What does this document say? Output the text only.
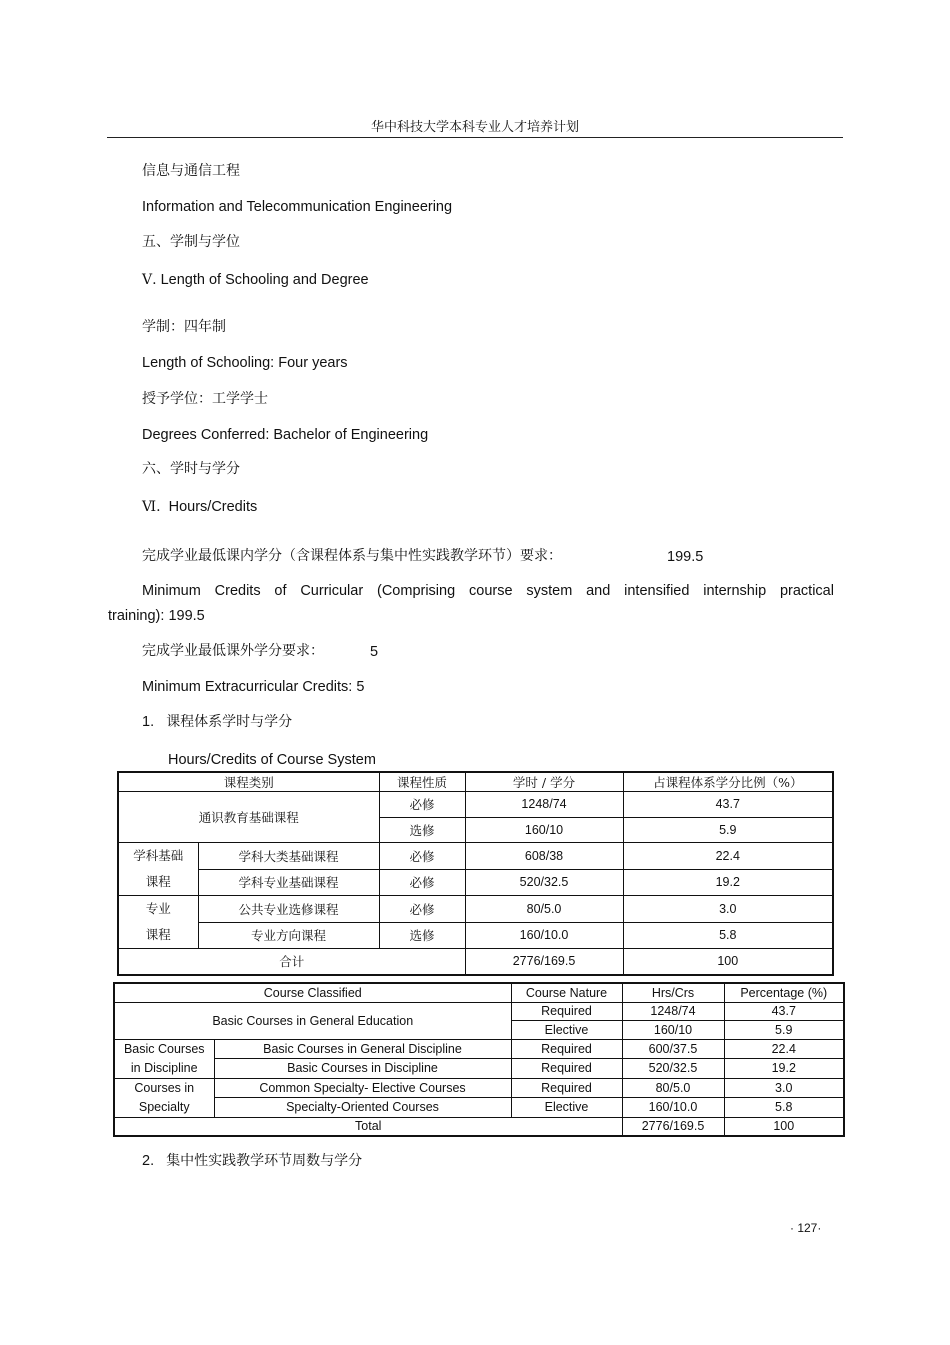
华中科技大学本科专业人才培养计划
信息与通信工程
Information and Telecommunication Engineering
五、学制与学位
Ⅴ. Length of Schooling and Degree
学制：四年制
Length of Schooling: Four years
授予学位：工学学士
Degrees Conferred: Bachelor of Engineering
六、学时与学分
Ⅵ. Hours/Credits
完成学业最低课内学分（含课程体系与集中性实践教学环节）要求：	199.5
Minimum Credits of Curricular (Comprising course system and intensified internship practical
training): 199.5
完成学业最低课外学分要求：	5
Minimum Extracurricular Credits: 5
1. 课程体系学时与学分
Hours/Credits of Course System
课程类别		课程性质	学时 / 学分	占课程体系学分比例（%）
通识教育基础课程		必修	1248/74	43.7
		选修	160/10	5.9
学科基础
课程	学科大类基础课程	必修	608/38	22.4
	学科专业基础课程	必修	520/32.5	19.2
专业
课程	公共专业选修课程	必修	80/5.0	3.0
	专业方向课程	选修	160/10.0	5.8
合计			2776/169.5	100
Course Classified		Course Nature	Hrs/Crs	Percentage (%)
Basic Courses in General Education		Required	1248/74	43.7
		Elective	160/10	5.9
Basic Courses
in Discipline	Basic Courses in General Discipline	Required	600/37.5	22.4
	Basic Courses in Discipline	Required	520/32.5	19.2
Courses in
Specialty	Common Specialty- Elective Courses	Required	80/5.0	3.0
	Specialty-Oriented Courses	Elective	160/10.0	5.8
Total			2776/169.5	100
2. 集中性实践教学环节周数与学分
· 127·
